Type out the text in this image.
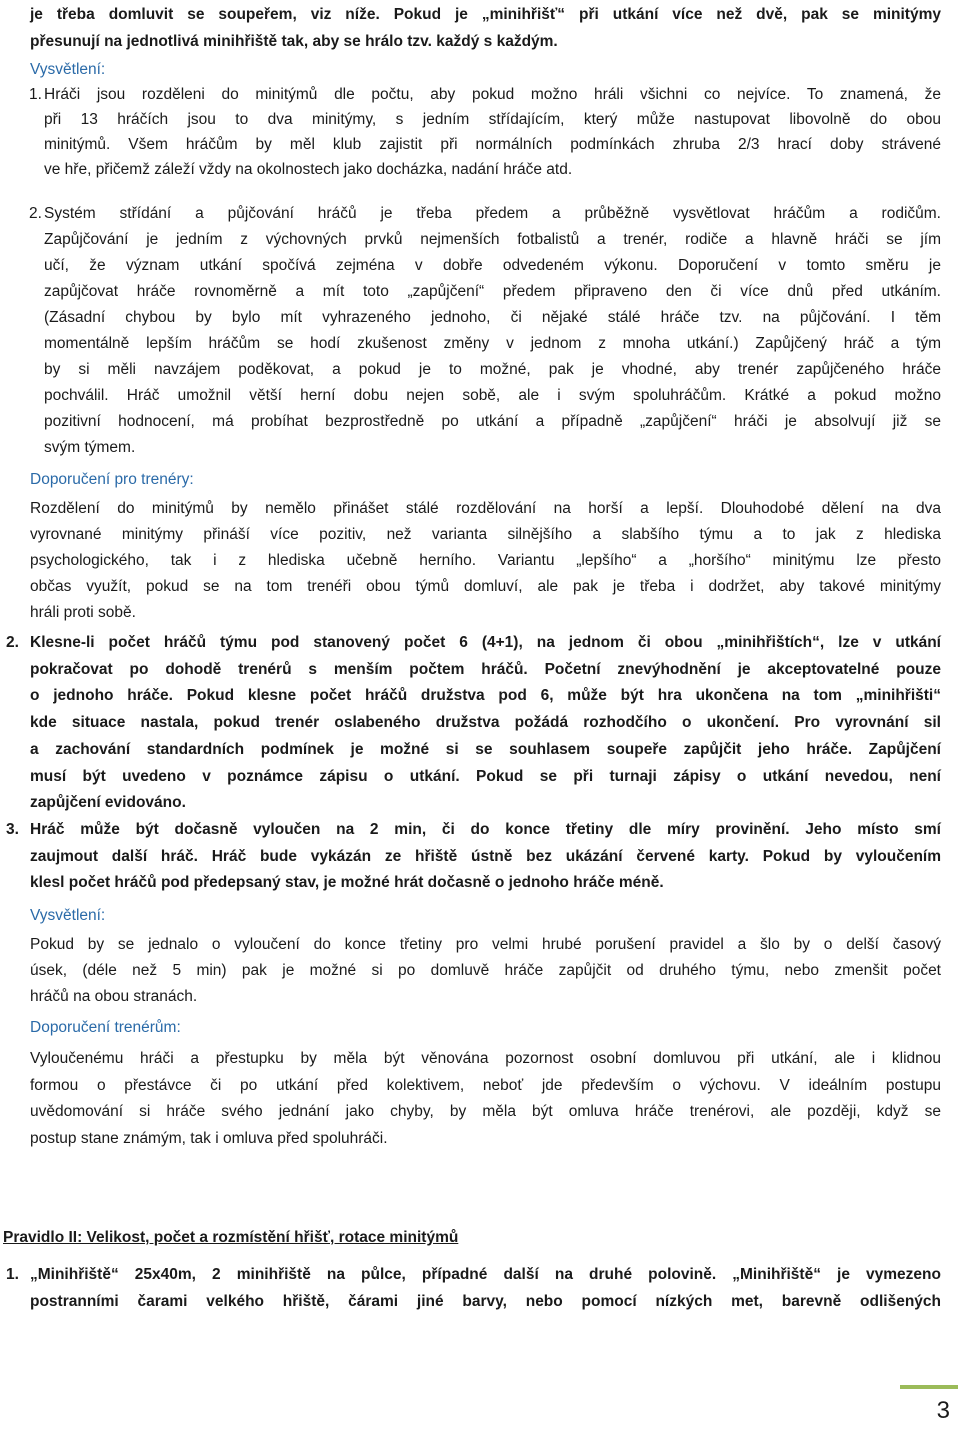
je třeba domluvit se soupeřem, viz níže. Pokud je „minihřišť“ při utkání více než dvě, pak se minitýmy
přesunují na jednotlivá minihřiště tak, aby se hrálo tzv. každý s každým.
Vysvětlení:
1. Hráči jsou rozděleni do minitýmů dle počtu, aby pokud možno hráli všichni co nejvíce. To znamená, že
při 13 hráčích jsou to dva minitýmy, s jedním střídajícím, který může nastupovat libovolně do obou
minitýmů. Všem hráčům by měl klub zajistit při normálních podmínkách zhruba 2/3 hrací doby strávené
ve hře, přičemž záleží vždy na okolnostech jako docházka, nadání hráče atd.
2. Systém střídání a půjčování hráčů je třeba předem a průběžně vysvětlovat hráčům a rodičům.
Zapůjčování je jedním z výchovných prvků nejmenších fotbalistů a trenér, rodiče a hlavně hráči se jím
učí, že význam utkání spočívá zejména v dobře odvedeném výkonu. Doporučení v tomto směru je
zapůjčovat hráče rovnoměrně a mít toto „zapůjčení“ předem připraveno den či více dnů před utkáním.
(Zásadní chybou by bylo mít vyhrazeného jednoho, či nějaké stálé hráče tzv. na půjčování. I těm
momentálně lepším hráčům se hodí zkušenost změny v jednom z mnoha utkání.) Zapůjčený hráč a tým
by si měli navzájem poděkovat, a pokud je to možné, pak je vhodné, aby trenér zapůjčeného hráče
pochválil. Hráč umožnil větší herní dobu nejen sobě, ale i svým spoluhráčům. Krátké a pokud možno
pozitivní hodnocení, má probíhat bezprostředně po utkání a případně „zapůjčení“ hráči je absolvují již se
svým týmem.
Doporučení pro trenéry:
Rozdělení do minitýmů by nemělo přinášet stálé rozdělování na horší a lepší. Dlouhodobé dělení na dva
vyrovnané minitýmy přináší více pozitiv, než varianta silnějšího a slabšího týmu a to jak z hlediska
psychologického, tak i z hlediska učebně herního. Variantu „lepšího“ a „horšího“ minitýmu lze přesto
občas využít, pokud se na tom trenéři obou týmů domluví, ale pak je třeba i dodržet, aby takové minitýmy
hráli proti sobě.
2. Klesne-li počet hráčů týmu pod stanovený počet 6 (4+1), na jednom či obou „minihřištích“, lze v utkání
pokračovat po dohodě trenérů s menším počtem hráčů. Početní znevýhodnění je akceptovatelné pouze
o jednoho hráče. Pokud klesne počet hráčů družstva pod 6, může být hra ukončena na tom „minihřišti“
kde situace nastala, pokud trenér oslabeného družstva požádá rozhodčího o ukončení. Pro vyrovnání sil
a zachování standardních podmínek je možné si se souhlasem soupeře zapůjčit jeho hráče. Zapůjčení
musí být uvedeno v poznámce zápisu o utkání. Pokud se při turnaji zápisy o utkání nevedou, není
zapůjčení evidováno.
3. Hráč může být dočasně vyloučen na 2 min, či do konce třetiny dle míry provinění. Jeho místo smí
zaujmout další hráč. Hráč bude vykázán ze hřiště ústně bez ukázání červené karty. Pokud by vyloučením
klesl počet hráčů pod předepsaný stav, je možné hrát dočasně o jednoho hráče méně.
Vysvětlení:
Pokud by se jednalo o vyloučení do konce třetiny pro velmi hrubé porušení pravidel a šlo by o delší časový
úsek, (déle než 5 min) pak je možné si po domluvě hráče zapůjčit od druhého týmu, nebo zmenšit počet
hráčů na obou stranách.
Doporučení trenérům:
Vyloučenému hráči a přestupku by měla být věnována pozornost osobní domluvou při utkání, ale i klidnou
formou o přestávce či po utkání před kolektivem, neboť jde především o výchovu. V ideálním postupu
uvědomování si hráče svého jednání jako chyby, by měla být omluva hráče trenérovi, ale později, když se
postup stane známým, tak i omluva před spoluhráči.
Pravidlo II: Velikost, počet a rozmístění hřišť, rotace minitýmů
1. „Minihřiště“ 25x40m, 2 minihřiště na půlce, případné další na druhé polovině. „Minihřiště“ je vymezeno
postranními čarami velkého hřiště, čárami jiné barvy, nebo pomocí nízkých met, barevně odlišených
3
